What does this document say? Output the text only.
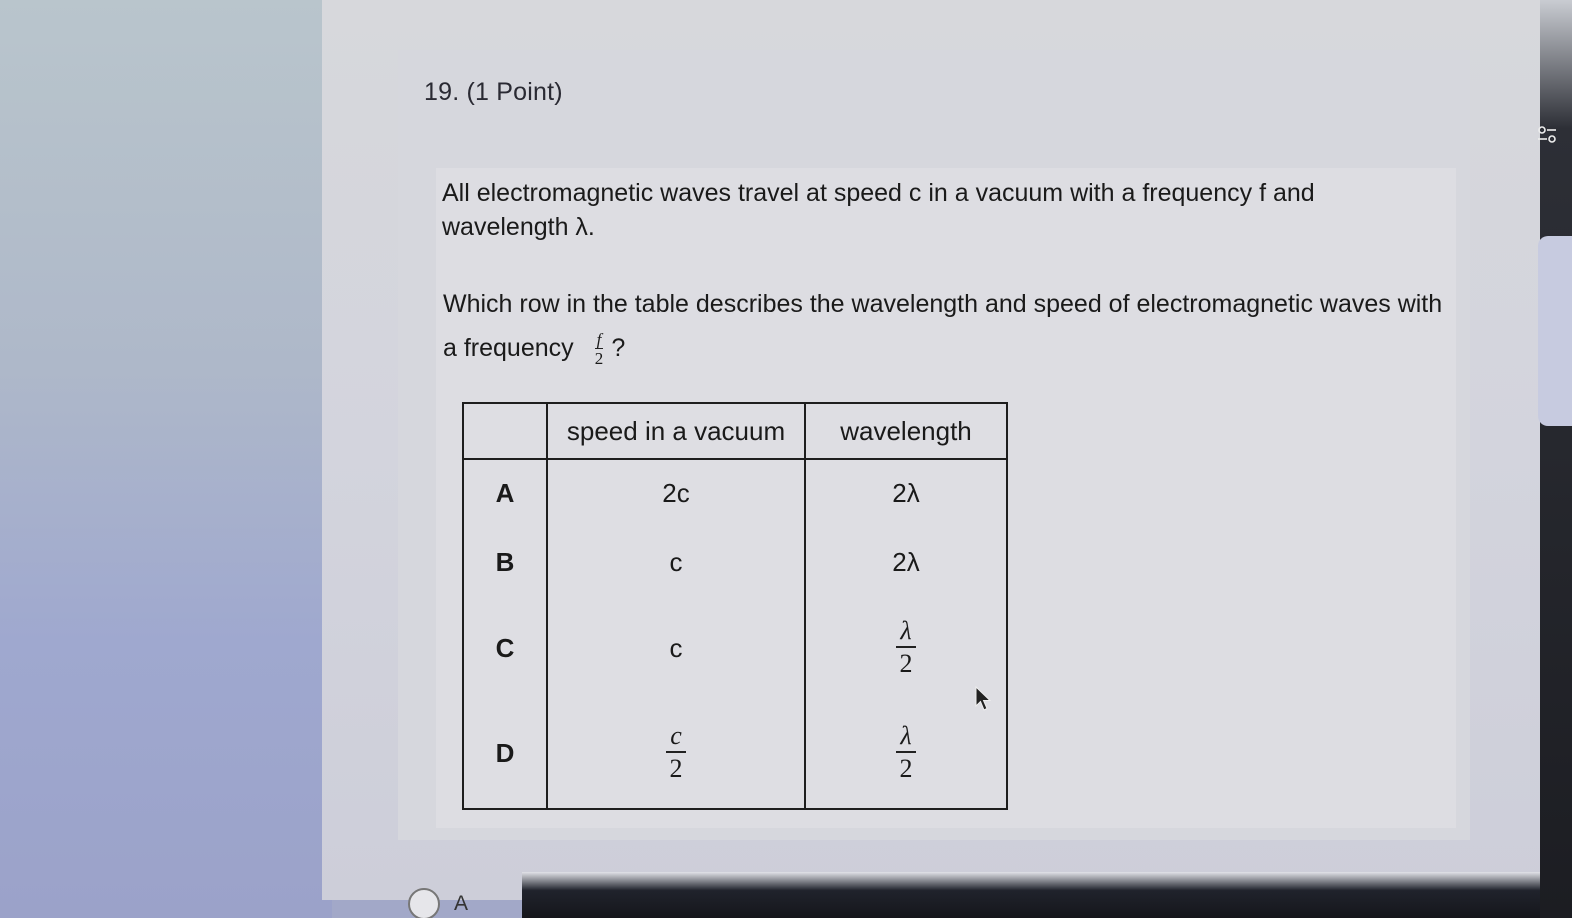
19. (1 Point)
All electromagnetic waves travel at speed c in a vacuum with a frequency f and wavelength λ.
Which row in the table describes the wavelength and speed of electromagnetic waves with a frequency $\frac{f}{2}$ ?
	speed in a vacuum	wavelength
A	2c	2λ
B	c	2λ
C	c	$\frac{\lambda}{2}$

D	$\frac{c}{2}$	$\frac{\lambda}{2}$
A
